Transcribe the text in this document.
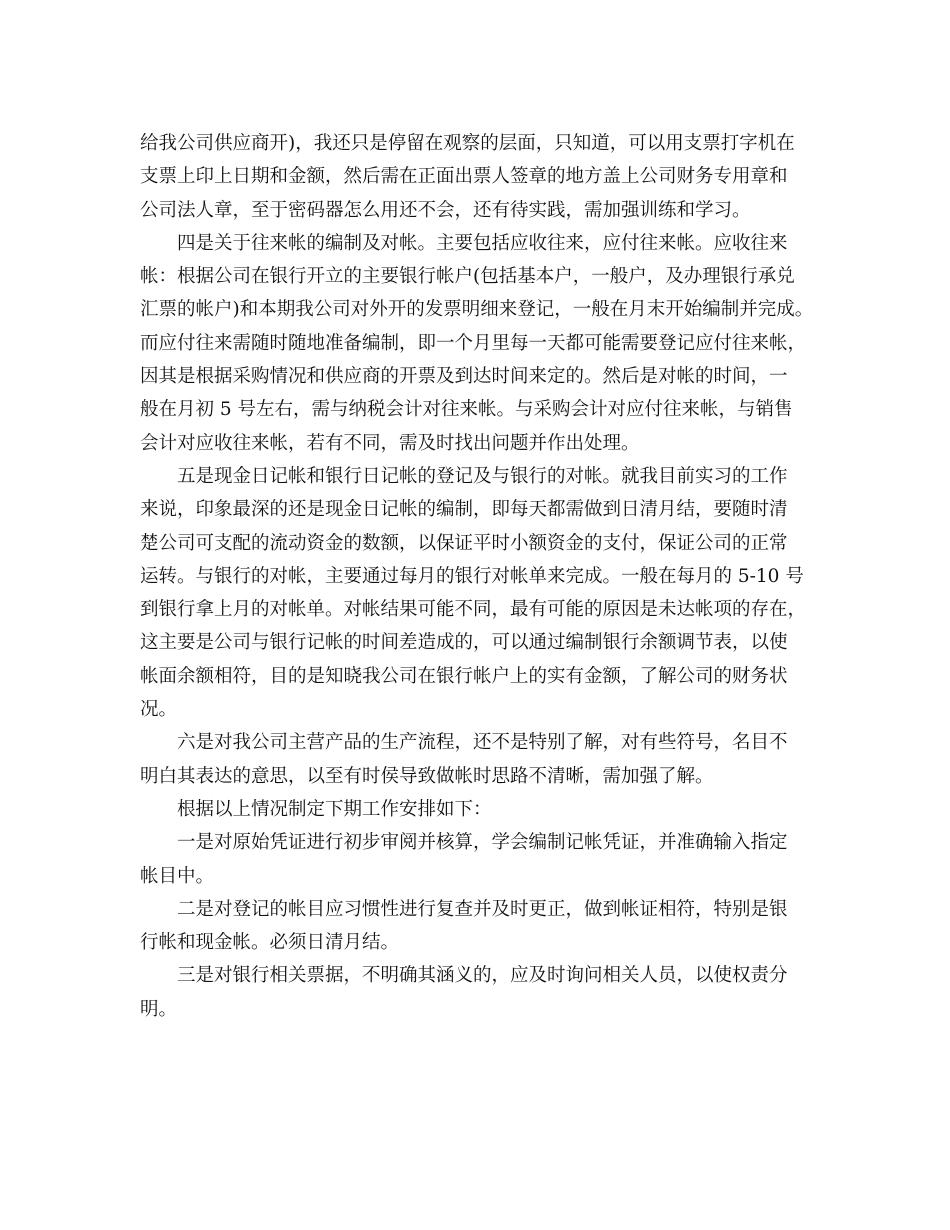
给我公司供应商开)，我还只是停留在观察的层面，只知道，可以用支票打字机在
支票上印上日期和金额，然后需在正面出票人签章的地方盖上公司财务专用章和
公司法人章，至于密码器怎么用还不会，还有待实践，需加强训练和学习。
四是关于往来帐的编制及对帐。主要包括应收往来，应付往来帐。应收往来
帐：根据公司在银行开立的主要银行帐户(包括基本户，一般户，及办理银行承兑
汇票的帐户)和本期我公司对外开的发票明细来登记，一般在月末开始编制并完成。
而应付往来需随时随地准备编制，即一个月里每一天都可能需要登记应付往来帐，
因其是根据采购情况和供应商的开票及到达时间来定的。然后是对帐的时间，一
般在月初 5 号左右，需与纳税会计对往来帐。与采购会计对应付往来帐，与销售
会计对应收往来帐，若有不同，需及时找出问题并作出处理。
五是现金日记帐和银行日记帐的登记及与银行的对帐。就我目前实习的工作
来说，印象最深的还是现金日记帐的编制，即每天都需做到日清月结，要随时清
楚公司可支配的流动资金的数额，以保证平时小额资金的支付，保证公司的正常
运转。与银行的对帐，主要通过每月的银行对帐单来完成。一般在每月的 5-10 号
到银行拿上月的对帐单。对帐结果可能不同，最有可能的原因是未达帐项的存在，
这主要是公司与银行记帐的时间差造成的，可以通过编制银行余额调节表，以使
帐面余额相符，目的是知晓我公司在银行帐户上的实有金额，了解公司的财务状
况。
六是对我公司主营产品的生产流程，还不是特别了解，对有些符号，名目不
明白其表达的意思，以至有时侯导致做帐时思路不清晰，需加强了解。
根据以上情况制定下期工作安排如下：
一是对原始凭证进行初步审阅并核算，学会编制记帐凭证，并准确输入指定
帐目中。
二是对登记的帐目应习惯性进行复查并及时更正，做到帐证相符，特别是银
行帐和现金帐。必须日清月结。
三是对银行相关票据，不明确其涵义的，应及时询问相关人员，以使权责分
明。
